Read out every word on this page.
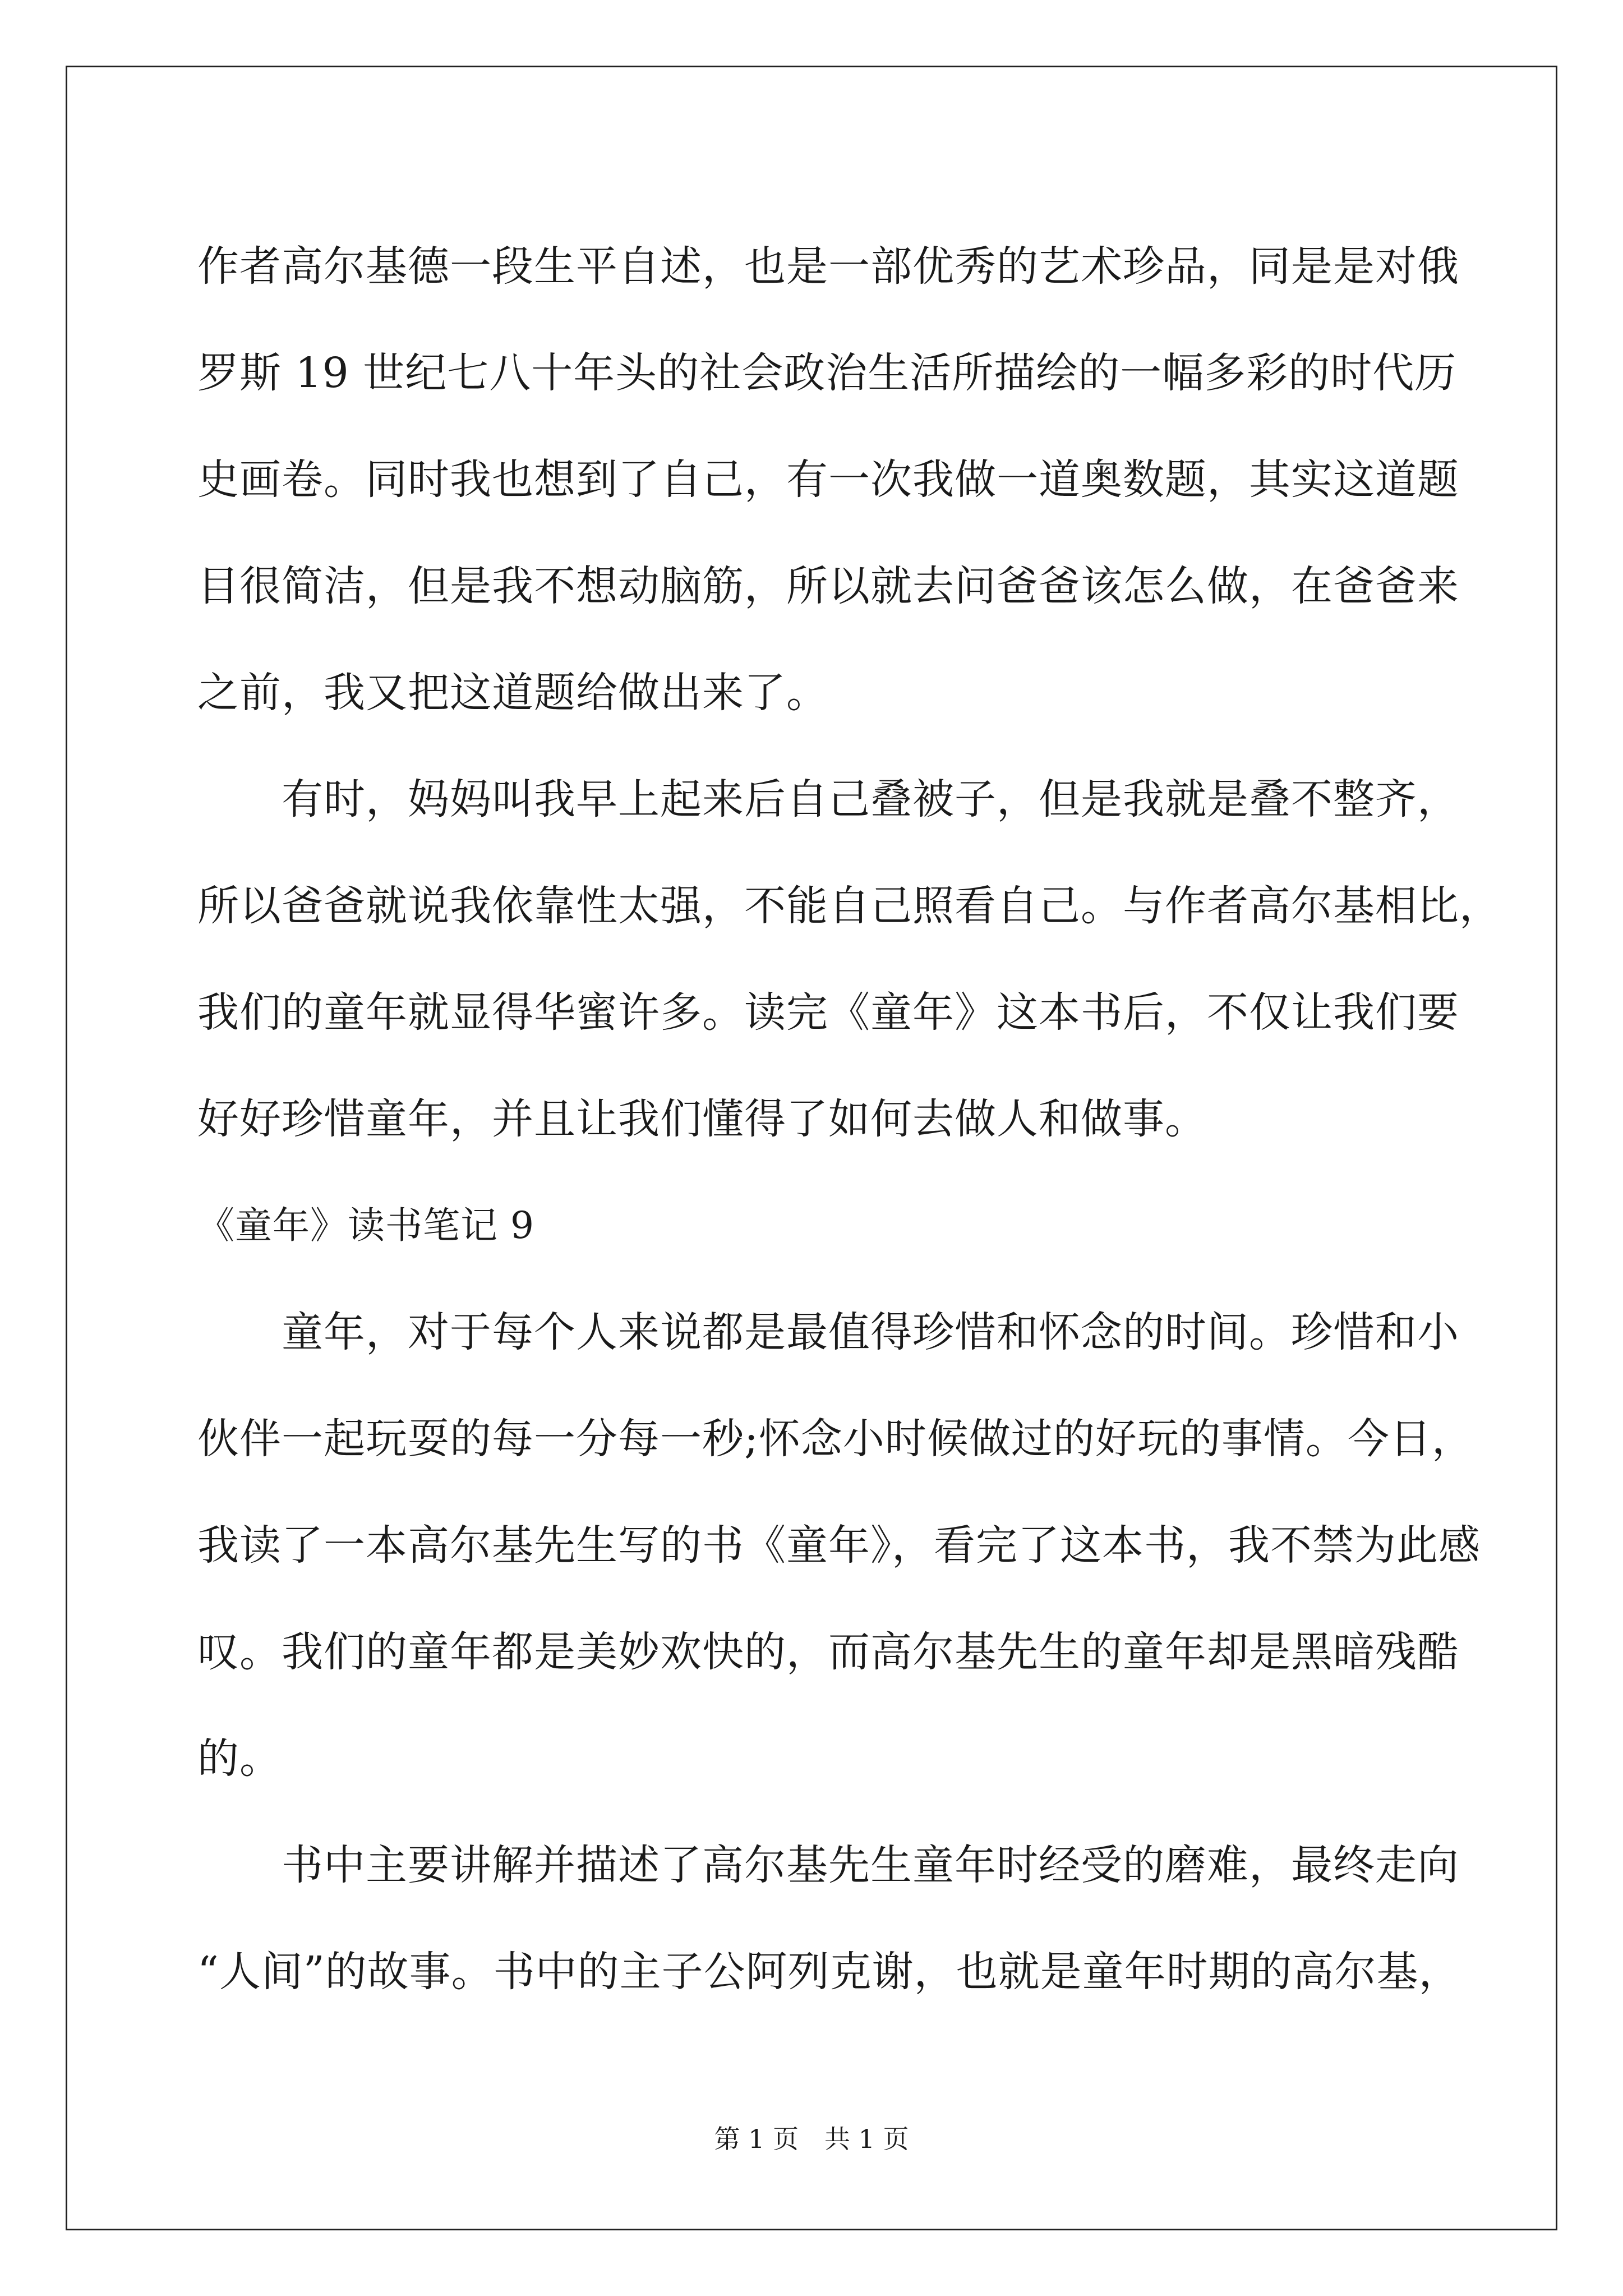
作者高尔基德一段生平自述，也是一部优秀的艺术珍品，同是是对俄
罗斯 19 世纪七八十年头的社会政治生活所描绘的一幅多彩的时代历
史画卷。同时我也想到了自己，有一次我做一道奥数题，其实这道题
目很简洁，但是我不想动脑筋，所以就去问爸爸该怎么做，在爸爸来
之前，我又把这道题给做出来了。
有时，妈妈叫我早上起来后自己叠被子，但是我就是叠不整齐，
所以爸爸就说我依靠性太强，不能自己照看自己。与作者高尔基相比，
我们的童年就显得华蜜许多。读完《童年》这本书后，不仅让我们要
好好珍惜童年，并且让我们懂得了如何去做人和做事。
《童年》读书笔记 9
童年，对于每个人来说都是最值得珍惜和怀念的时间。珍惜和小
伙伴一起玩耍的每一分每一秒;怀念小时候做过的好玩的事情。今日，
我读了一本高尔基先生写的书《童年》，看完了这本书，我不禁为此感
叹。我们的童年都是美妙欢快的，而高尔基先生的童年却是黑暗残酷
的。
书中主要讲解并描述了高尔基先生童年时经受的磨难，最终走向
“人间”的故事。书中的主子公阿列克谢，也就是童年时期的高尔基，
第 1 页　共 1 页
